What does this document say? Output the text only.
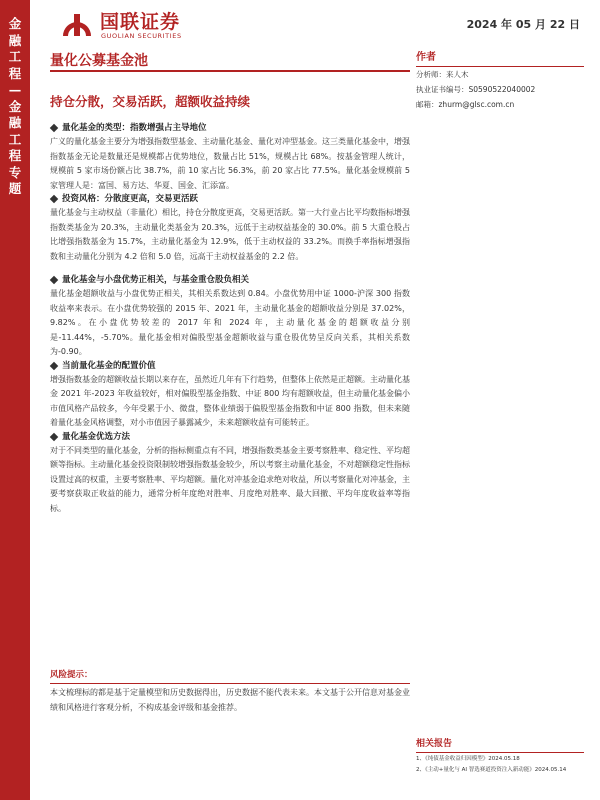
金
融
工
程
—
金
融
工
程
专
题
国联证券
GUOLIAN SECURITIES
2024 年 05 月 22 日
量化公募基金池
持仓分散，交易活跃，超额收益持续
量化基金的类型：指数增强占主导地位
广义的量化基金主要分为增强指数型基金、主动量化基金、量化对冲型基金。这三类量化基金中，增强指数基金无论是数量还是规模都占优势地位，数量占比 51%，规模占比 68%。按基金管理人统计，规模前 5 家市场份额占比 38.7%，前 10 家占比 56.3%，前 20 家占比 77.5%。量化基金规模前 5 家管理人是：富国、易方达、华夏、国金、汇添富。
投资风格：分散度更高，交易更活跃
量化基金与主动权益（非量化）相比，持仓分散度更高，交易更活跃。第一大行业占比平均数指标增强指数类基金为 20.3%，主动量化类基金为 20.3%，远低于主动权益基金的 30.0%。前 5 大重仓股占比增强指数基金为 15.7%，主动量化基金为 12.9%，低于主动权益的 33.2%。而换手率指标增强指数和主动量化分别为 4.2 倍和 5.0 倍，远高于主动权益基金的 2.2 倍。
量化基金与小盘优势正相关，与基金重仓股负相关
量化基金超额收益与小盘优势正相关，其相关系数达到 0.84。小盘优势用中证 1000-沪深 300 指数收益率来表示。在小盘优势较强的 2015 年、2021 年，主动量化基金的超额收益分别是 37.02%，9.82%。在小盘优势较差的 2017 年和 2024 年，主动量化基金的超额收益分别是-11.44%，-5.70%。量化基金相对偏股型基金超额收益与重仓股优势呈反向关系，其相关系数为-0.90。
当前量化基金的配置价值
增强指数基金的超额收益长期以来存在，虽然近几年有下行趋势，但整体上依然是正超额。主动量化基金 2021 年-2023 年收益较好，相对偏股型基金指数、中证 800 均有超额收益，但主动量化基金偏小市值风格产品较多，今年受累于小、微盘，整体业绩弱于偏股型基金指数和中证 800 指数，但未来随着量化基金风格调整，对小市值因子暴露减少，未来超额收益有可能转正。
量化基金优选方法
对于不同类型的量化基金，分析的指标侧重点有不同，增强指数类基金主要考察胜率、稳定性、平均超额等指标。主动量化基金投资限制较增强指数基金较少，所以考察主动量化基金，不对超额稳定性指标设置过高的权重，主要考察胜率、平均超额。量化对冲基金追求绝对收益，所以考察量化对冲基金，主要考察获取正收益的能力，通常分析年度绝对胜率、月度绝对胜率、最大回撤、平均年度收益率等指标。
风险提示：
本文梳理标的都是基于定量模型和历史数据得出，历史数据不能代表未来。本文基于公开信息对基金业绩和风格进行客观分析，不构成基金评级和基金推荐。
作者
分析师：来人木
执业证书编号：S0590522040002
邮箱：zhurm@glsc.com.cn
相关报告
1、《纯债基金收益归因模型》2024.05.18
2、《主动+量化与 AI 智选赛道投资注入新动能》2024.05.14
